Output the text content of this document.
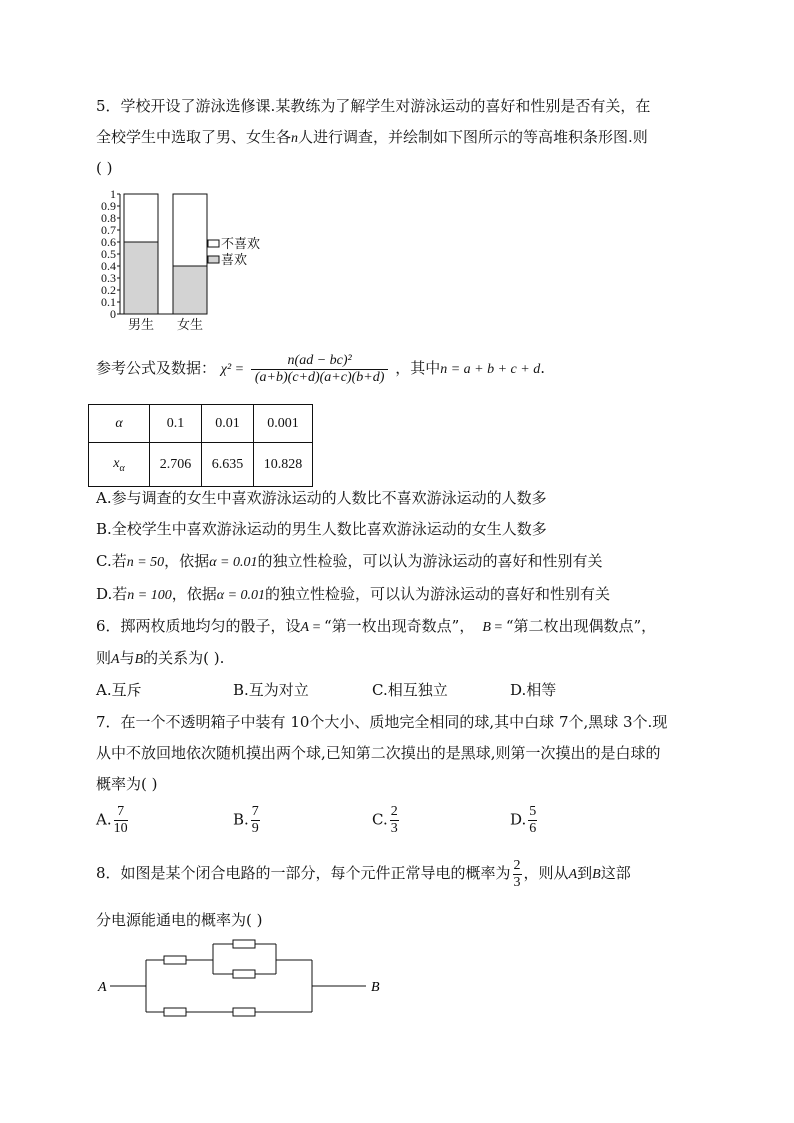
5．学校开设了游泳选修课.某教练为了解学生对游泳运动的喜好和性别是否有关，在
全校学生中选取了男、女生各n人进行调查，并绘制如下图所示的等高堆积条形图.则
( )
0
0.1
0.2
0.3
0.4
0.5
0.6
0.7
0.8
0.9
1
男生 女生
不喜欢
喜欢
参考公式及数据： $\chi^2 = \frac{\text{n(ad − bc)²}}{(a+b)(c+d)(a+c)(b+d)}$ ，其中n = a + b + c + d.
α	0.1	0.01	0.001
$x_\alpha$	2.706	6.635	10.828
A.参与调查的女生中喜欢游泳运动的人数比不喜欢游泳运动的人数多
B.全校学生中喜欢游泳运动的男生人数比喜欢游泳运动的女生人数多
C.若n = 50，依据α = 0.01的独立性检验，可以认为游泳运动的喜好和性别有关
D.若n = 100，依据α = 0.01的独立性检验，可以认为游泳运动的喜好和性别有关
6．掷两枚质地均匀的骰子，设A = “第一枚出现奇数点”， B = “第二枚出现偶数点”，
则A与B的关系为( ).
A.互斥	B.互为对立	C.相互独立	D.相等
7．在一个不透明箱子中装有 10个大小、质地完全相同的球,其中白球 7个,黑球 3个.现
从中不放回地依次随机摸出两个球,已知第二次摸出的是黑球,则第一次摸出的是白球的
概率为( )
A. $\frac{7}{10}$	B. $\frac{7}{9}$	C. $\frac{2}{3}$	D. $\frac{5}{6}$
8．如图是某个闭合电路的一部分，每个元件正常导电的概率为 $\frac{2}{3}$ ，则从A到B这部
分电源能通电的概率为( )
A	B
